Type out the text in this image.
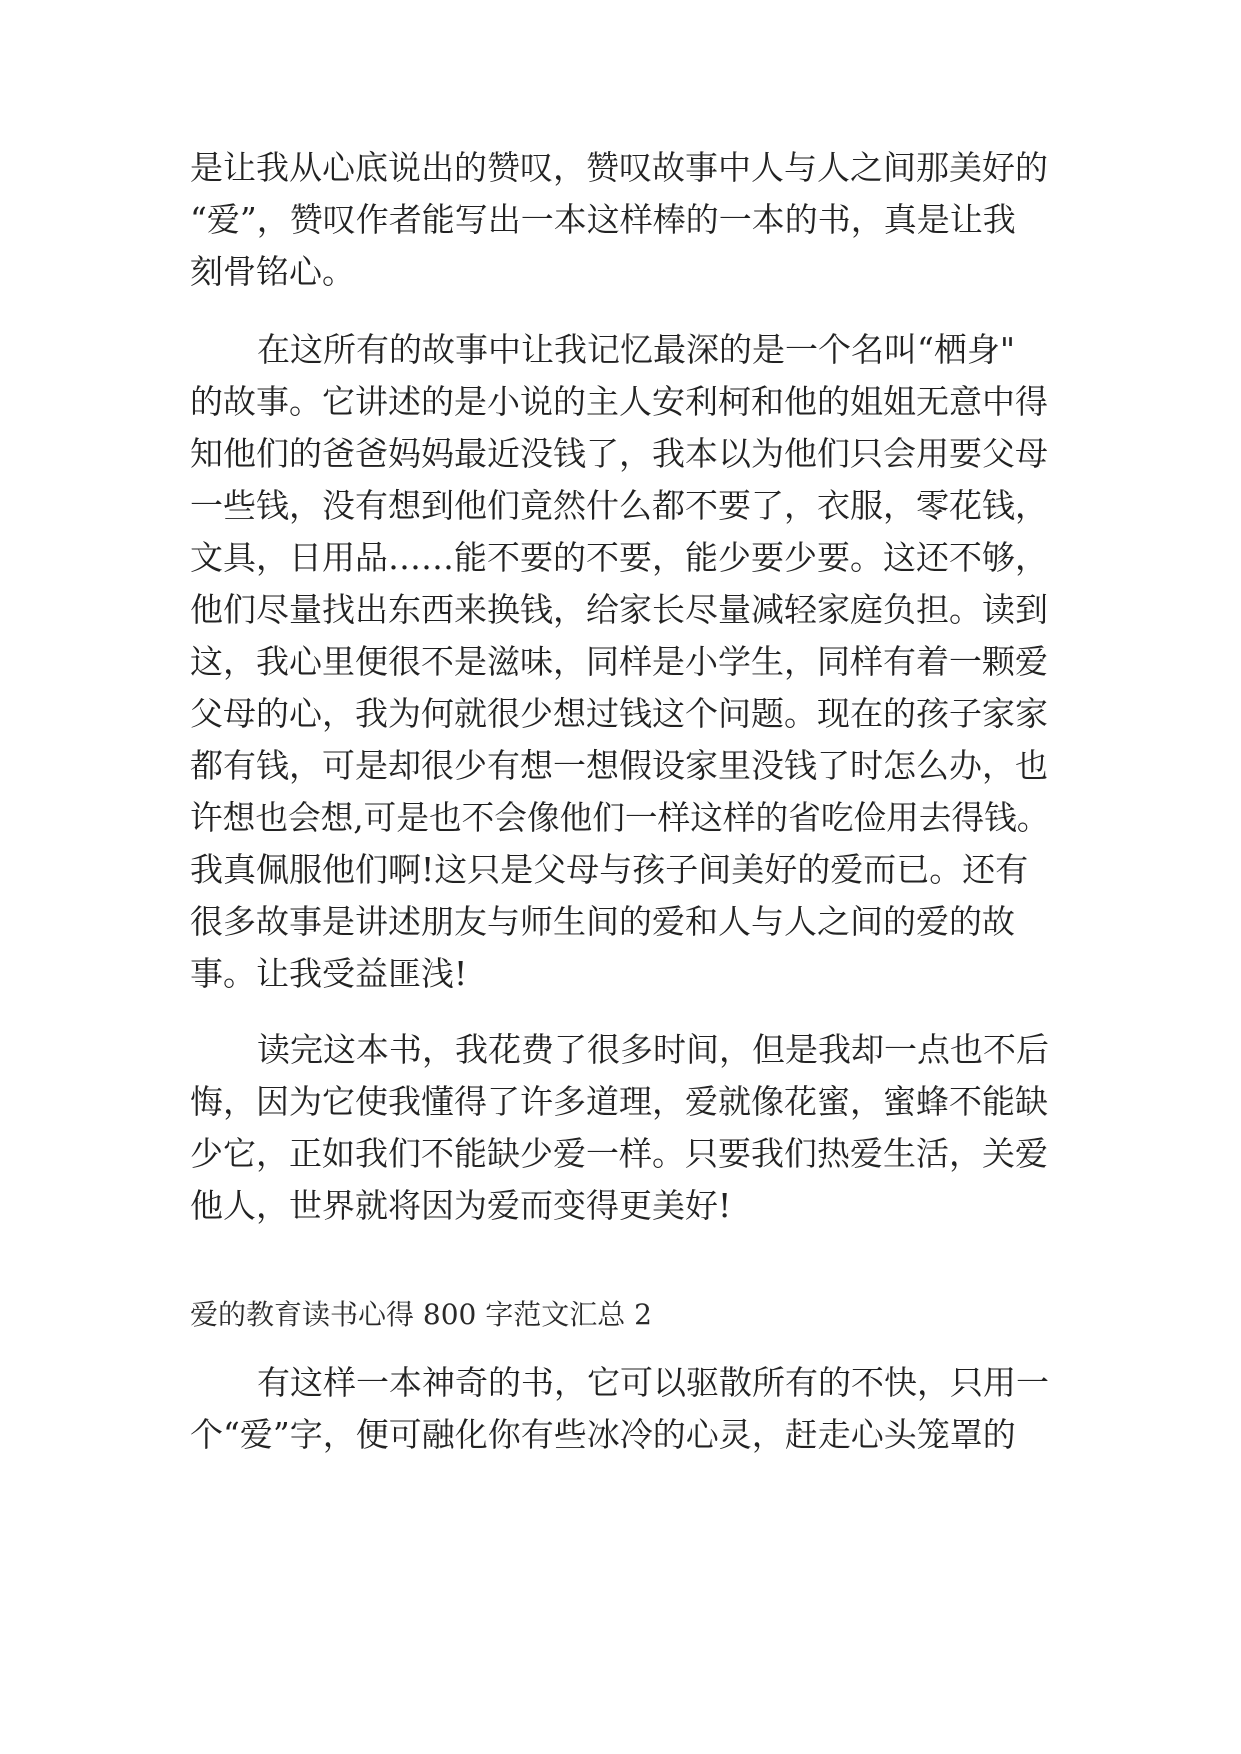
是让我从心底说出的赞叹，赞叹故事中人与人之间那美好的
“爱”，赞叹作者能写出一本这样棒的一本的书，真是让我
刻骨铭心。
在这所有的故事中让我记忆最深的是一个名叫“栖身"
的故事。它讲述的是小说的主人安利柯和他的姐姐无意中得
知他们的爸爸妈妈最近没钱了，我本以为他们只会用要父母
一些钱，没有想到他们竟然什么都不要了，衣服，零花钱，
文具，日用品……能不要的不要，能少要少要。这还不够，
他们尽量找出东西来换钱，给家长尽量减轻家庭负担。读到
这，我心里便很不是滋味，同样是小学生，同样有着一颗爱
父母的心，我为何就很少想过钱这个问题。现在的孩子家家
都有钱，可是却很少有想一想假设家里没钱了时怎么办，也
许想也会想,可是也不会像他们一样这样的省吃俭用去得钱。
我真佩服他们啊!这只是父母与孩子间美好的爱而已。还有
很多故事是讲述朋友与师生间的爱和人与人之间的爱的故
事。让我受益匪浅!
读完这本书，我花费了很多时间，但是我却一点也不后
悔，因为它使我懂得了许多道理，爱就像花蜜，蜜蜂不能缺
少它，正如我们不能缺少爱一样。只要我们热爱生活，关爱
他人，世界就将因为爱而变得更美好!
爱的教育读书心得 800 字范文汇总 2
有这样一本神奇的书，它可以驱散所有的不快，只用一
个“爱”字，便可融化你有些冰冷的心灵，赶走心头笼罩的
